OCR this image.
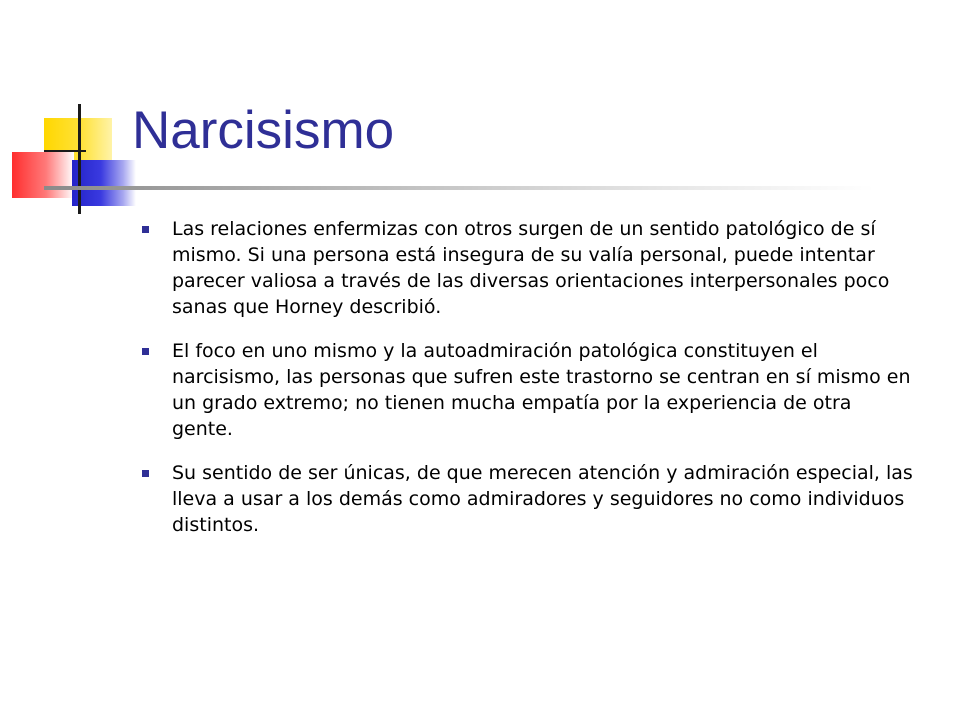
Narcisismo
Las relaciones enfermizas con otros surgen de un sentido patológico de sí mismo. Si una persona está insegura de su valía personal, puede intentar parecer valiosa a través de las diversas orientaciones interpersonales poco sanas que Horney describió.
El foco en uno mismo y la autoadmiración patológica constituyen el narcisismo, las personas que sufren este trastorno se centran en sí mismo en un grado extremo; no tienen mucha empatía por la experiencia de otra gente.
Su sentido de ser únicas, de que merecen atención y admiración especial, las lleva a usar a los demás como admiradores y seguidores no como individuos distintos.
